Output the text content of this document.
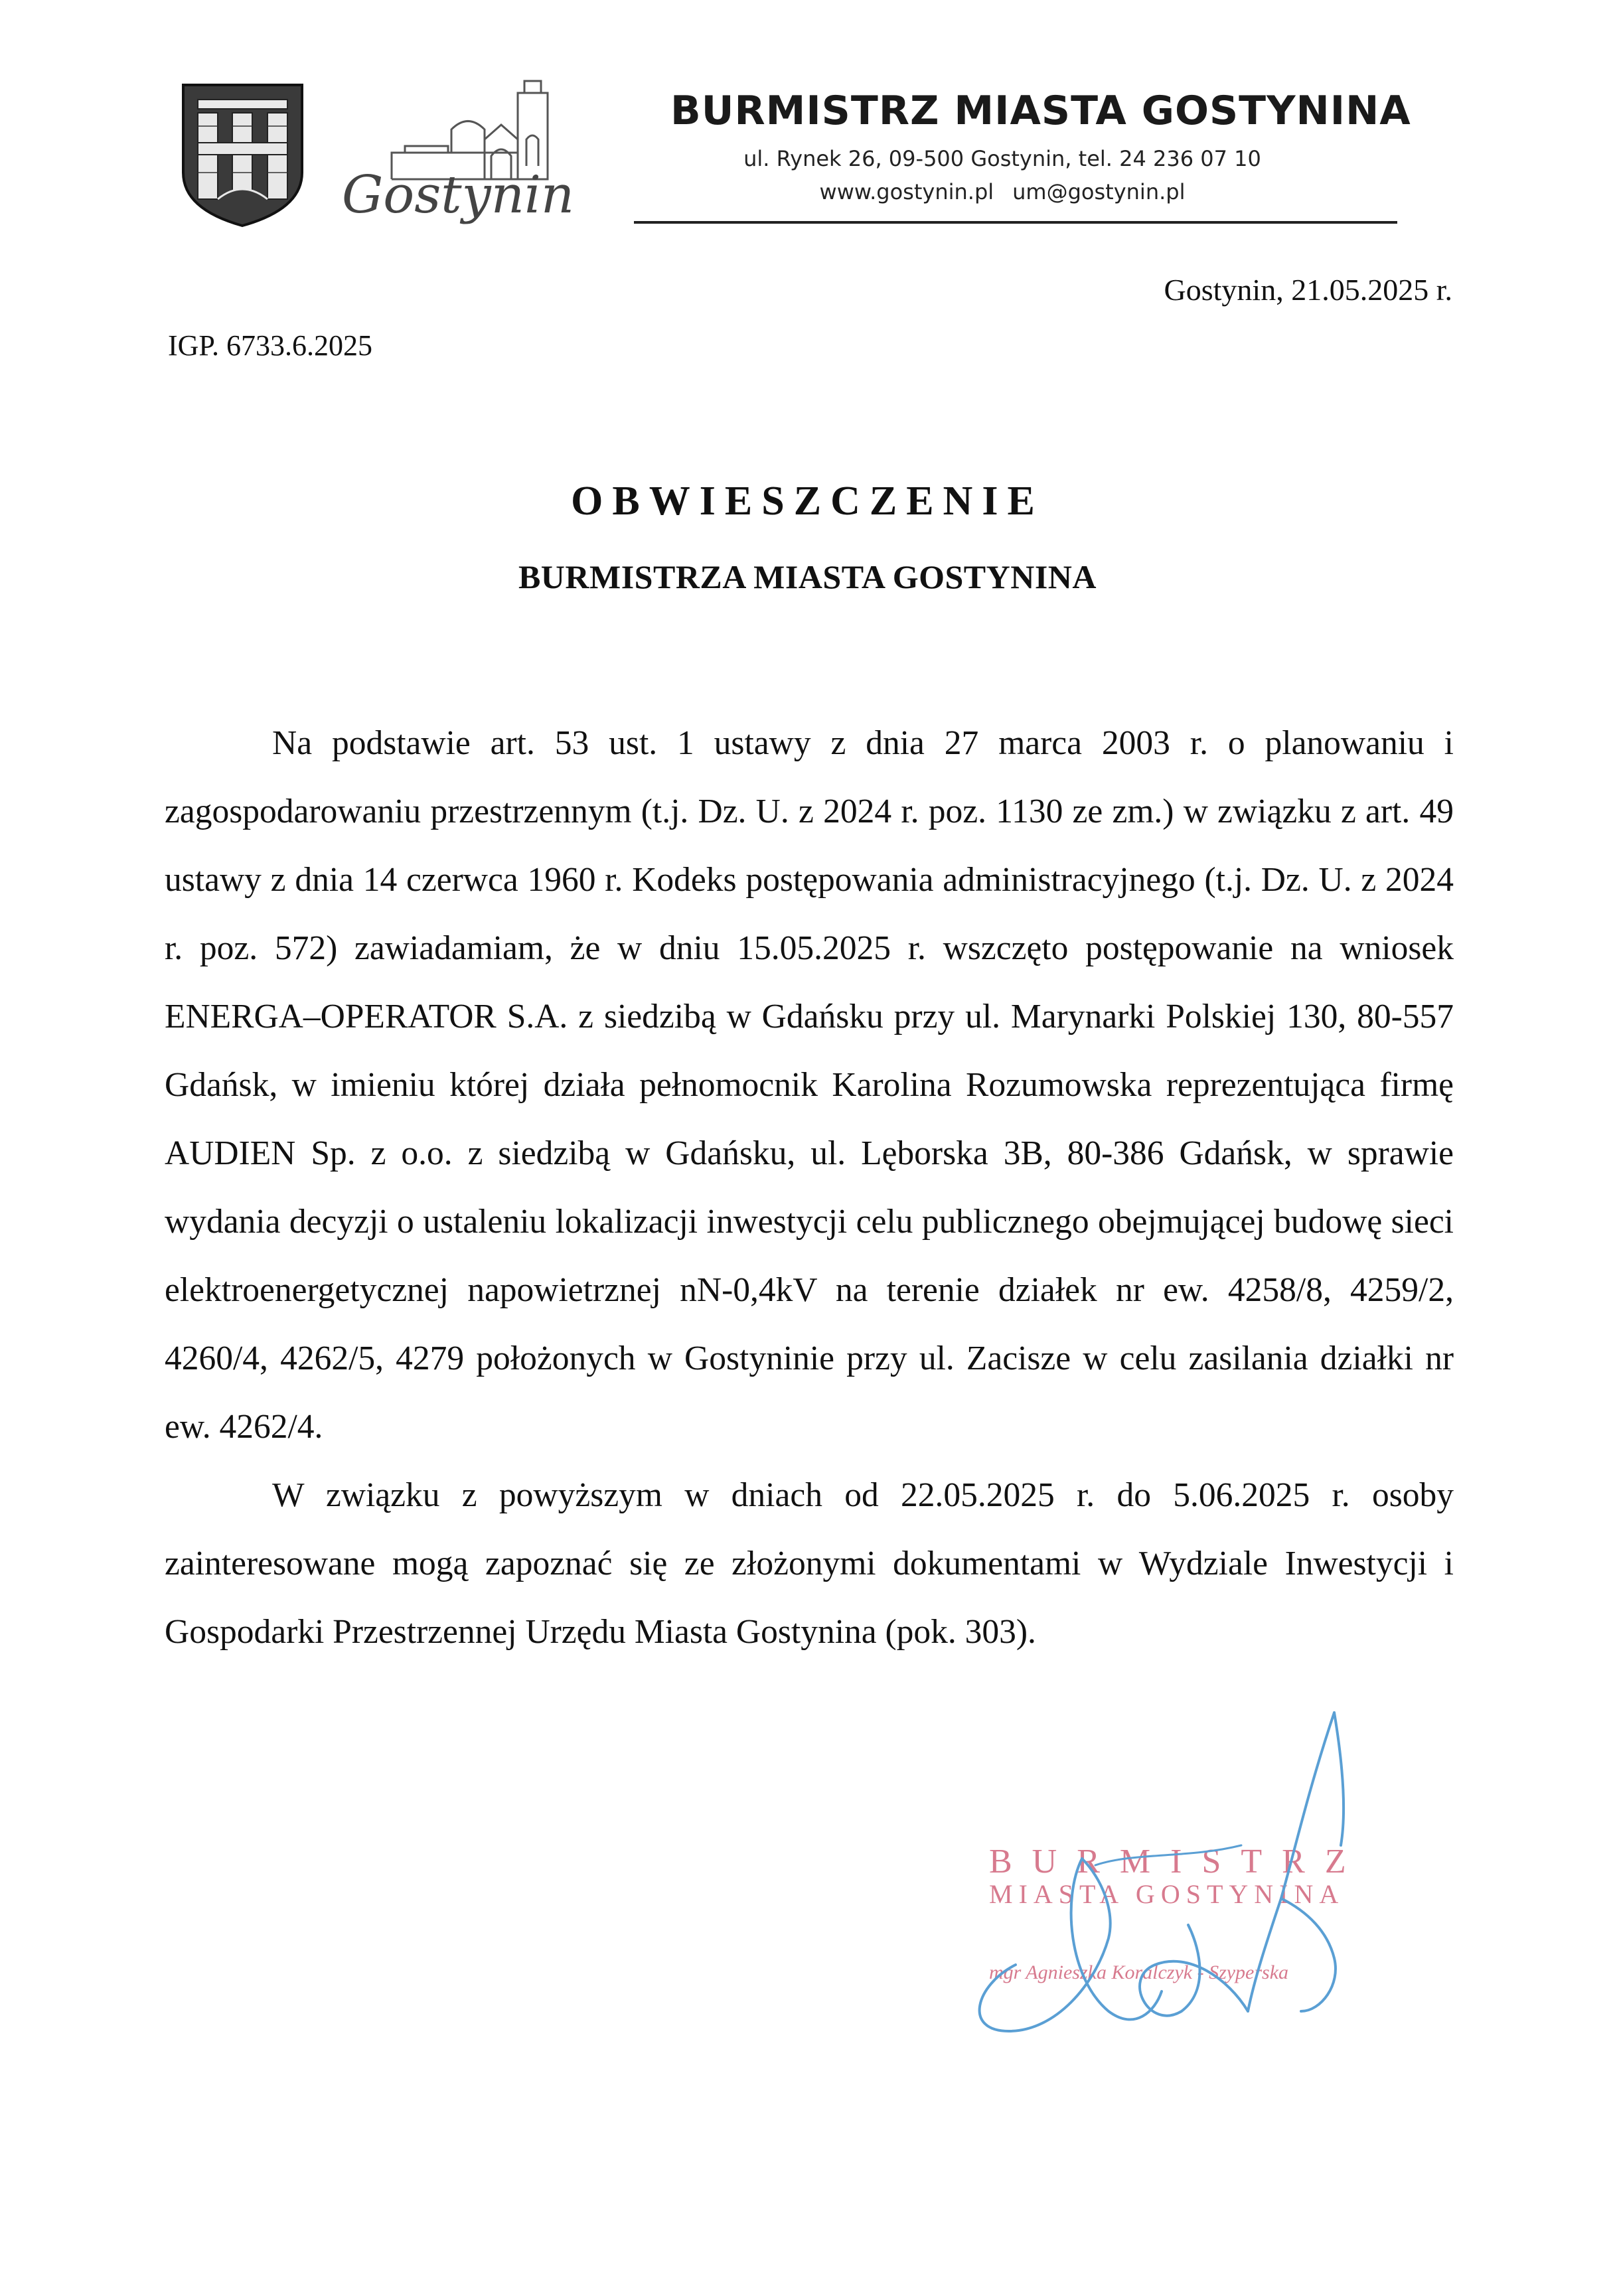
Gostynin
BURMISTRZ MIASTA GOSTYNINA
ul. Rynek 26, 09-500 Gostynin, tel. 24 236 07 10
www.gostynin.pl um@gostynin.pl
Gostynin, 21.05.2025 r.
IGP. 6733.6.2025
OBWIESZCZENIE
BURMISTRZA MIASTA GOSTYNINA

Na podstawie art. 53 ust. 1 ustawy z dnia 27 marca 2003 r. o planowaniu i zagospodarowaniu przestrzennym (t.j. Dz. U. z 2024 r. poz. 1130 ze zm.) w związku z art. 49 ustawy z dnia 14 czerwca 1960 r. Kodeks postępowania administracyjnego (t.j. Dz. U. z 2024 r. poz. 572) zawiadamiam, że w dniu 15.05.2025 r. wszczęto postępowanie na wniosek ENERGA–OPERATOR S.A. z siedzibą w Gdańsku przy ul. Marynarki Polskiej 130, 80-557 Gdańsk, w imieniu której działa pełnomocnik Karolina Rozumowska reprezentująca firmę AUDIEN Sp. z o.o. z siedzibą w Gdańsku, ul. Lęborska 3B, 80-386 Gdańsk, w sprawie wydania decyzji o ustaleniu lokalizacji inwestycji celu publicznego obejmującej budowę sieci elektroenergetycznej napowietrznej nN-0,4kV na terenie działek nr ew. 4258/8, 4259/2, 4260/4, 4262/5, 4279 położonych w Gostyninie przy ul. Zacisze w celu zasilania działki nr ew. 4262/4.

W związku z powyższym w dniach od 22.05.2025 r. do 5.06.2025 r. osoby zainteresowane mogą zapoznać się ze złożonymi dokumentami w Wydziale Inwestycji i Gospodarki Przestrzennej Urzędu Miasta Gostynina (pok. 303).

BURMISTRZ
MIASTA GOSTYNINA
mgr Agnieszka Koralczyk - Szyperska
